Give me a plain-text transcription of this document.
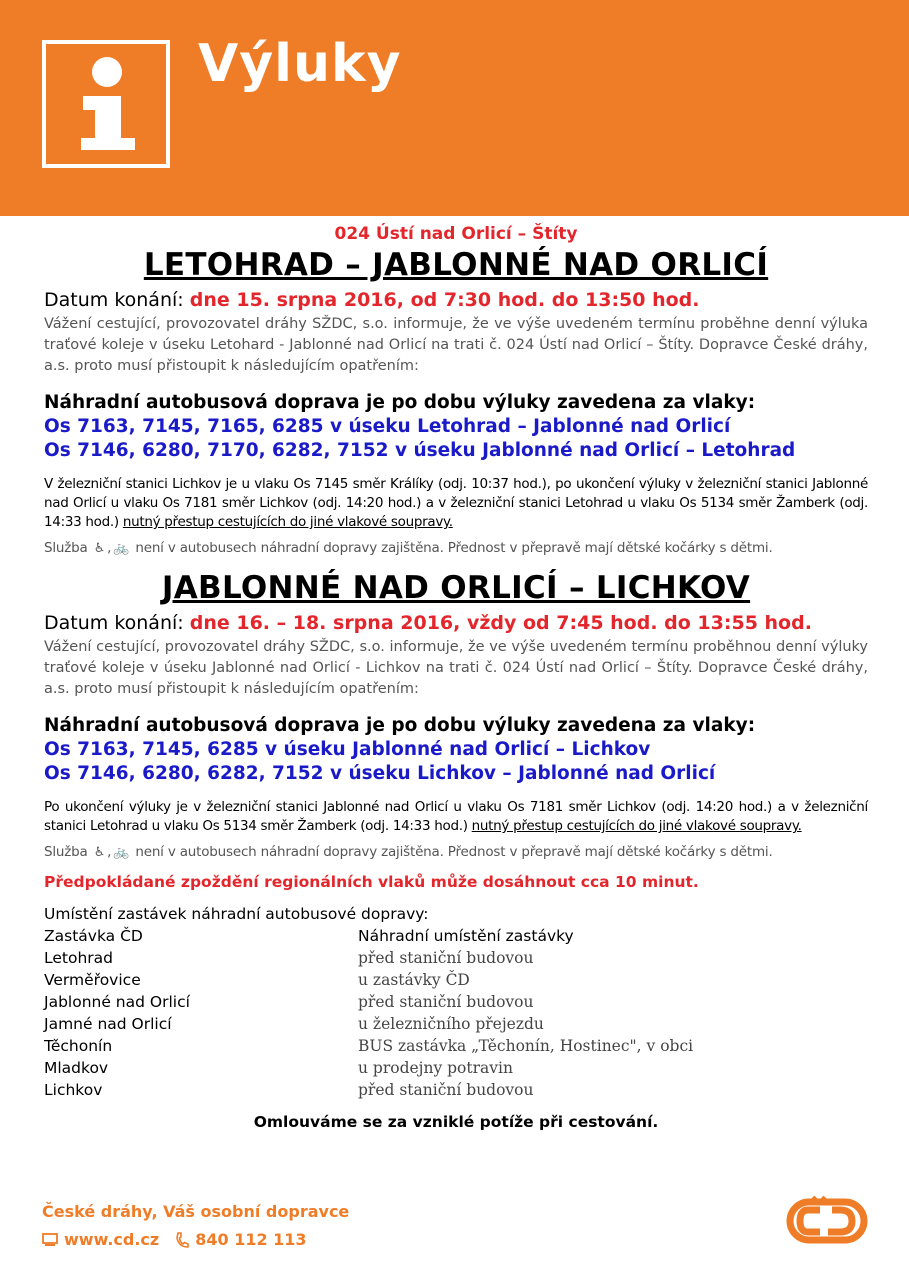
Výluky

024 Ústí nad Orlicí – Štíty

LETOHRAD – JABLONNÉ NAD ORLICÍ

Datum konání: dne 15. srpna 2016, od 7:30 hod. do 13:50 hod.

Vážení cestující, provozovatel dráhy SŽDC, s.o. informuje, že ve výše uvedeném termínu proběhne denní výluka traťové koleje v úseku Letohard - Jablonné nad Orlicí na trati č. 024 Ústí nad Orlicí – Štíty. Dopravce České dráhy, a.s. proto musí přistoupit k následujícím opatřením:

Náhradní autobusová doprava je po dobu výluky zavedena za vlaky:

Os 7163, 7145, 7165, 6285 v úseku Letohrad – Jablonné nad Orlicí

Os 7146, 6280, 7170, 6282, 7152 v úseku Jablonné nad Orlicí – Letohrad

V železniční stanici Lichkov je u vlaku Os 7145 směr Králíky (odj. 10:37 hod.), po ukončení výluky v železniční stanici Jablonné nad Orlicí u vlaku Os 7181 směr Lichkov (odj. 14:20 hod.) a v železniční stanici Letohrad u vlaku Os 5134 směr Žamberk (odj. 14:33 hod.) nutný přestup cestujících do jiné vlakové soupravy.

Služba ♿ , 🚲 není v autobusech náhradní dopravy zajištěna. Přednost v přepravě mají dětské kočárky s dětmi.

JABLONNÉ NAD ORLICÍ – LICHKOV

Datum konání: dne 16. – 18. srpna 2016, vždy od 7:45 hod. do 13:55 hod.

Vážení cestující, provozovatel dráhy SŽDC, s.o. informuje, že ve výše uvedeném termínu proběhnou denní výluky traťové koleje v úseku Jablonné nad Orlicí - Lichkov na trati č. 024 Ústí nad Orlicí – Štíty. Dopravce České dráhy, a.s. proto musí přistoupit k následujícím opatřením:

Náhradní autobusová doprava je po dobu výluky zavedena za vlaky:

Os 7163, 7145, 6285 v úseku Jablonné nad Orlicí – Lichkov

Os 7146, 6280, 6282, 7152 v úseku Lichkov – Jablonné nad Orlicí

Po ukončení výluky je v železniční stanici Jablonné nad Orlicí u vlaku Os 7181 směr Lichkov (odj. 14:20 hod.) a v železniční stanici Letohrad u vlaku Os 5134 směr Žamberk (odj. 14:33 hod.) nutný přestup cestujících do jiné vlakové soupravy.

Služba ♿ , 🚲 není v autobusech náhradní dopravy zajištěna. Přednost v přepravě mají dětské kočárky s dětmi.

Předpokládané zpoždění regionálních vlaků může dosáhnout cca 10 minut.

Umístění zastávek náhradní autobusové dopravy:

Zastávka ČD	Náhradní umístění zastávky
Letohrad	před staniční budovou
Verměřovice	u zastávky ČD
Jablonné nad Orlicí	před staniční budovou
Jamné nad Orlicí	u železničního přejezdu
Těchonín	BUS zastávka „Těchonín, Hostinec", v obci
Mladkov	u prodejny potravin
Lichkov	před staniční budovou

Omlouváme se za vzniklé potíže při cestování.

České dráhy, Váš osobní dopravce
www.cd.cz 840 112 113
